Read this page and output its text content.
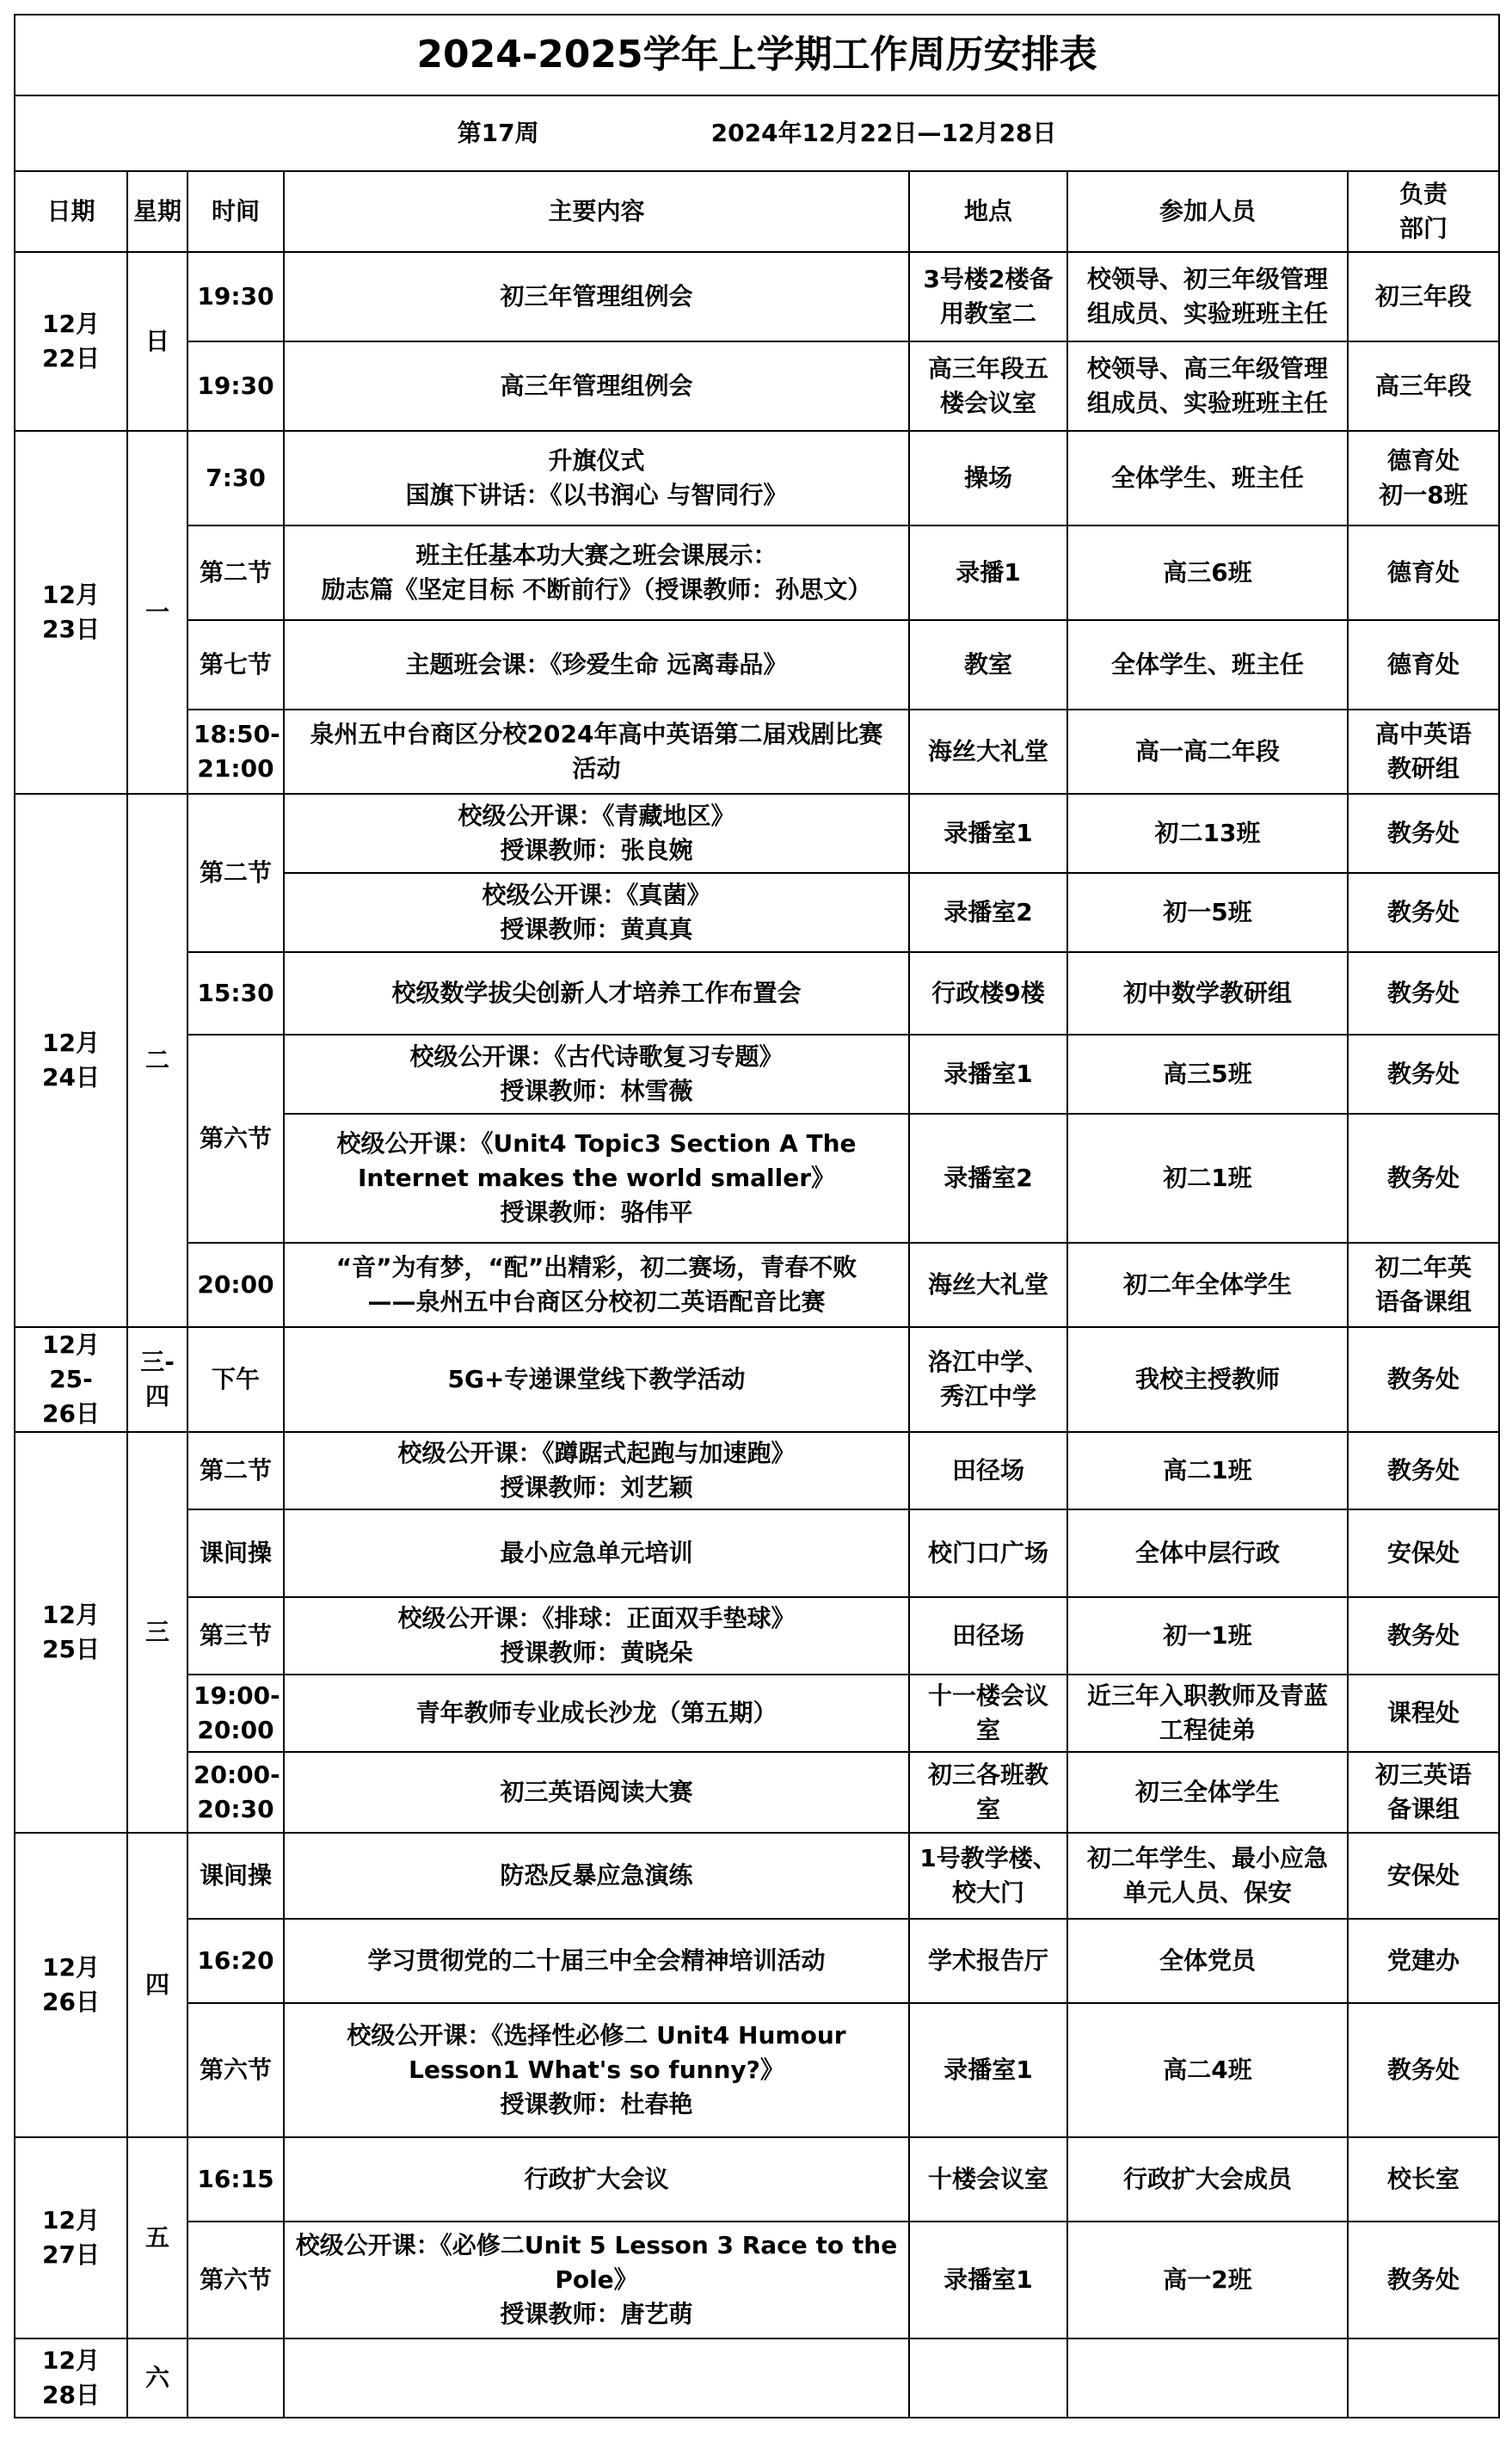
2024-2025学年上学期工作周历安排表						
第17周 2024年12月22日—12月28日						
日期	星期	时间	主要内容	地点	参加人员	负责
部门
12月
22日	日	19:30	初三年管理组例会	3号楼2楼备
用教室二	校领导、初三年级管理
组成员、实验班班主任	初三年段
		19:30	高三年管理组例会	高三年段五
楼会议室	校领导、高三年级管理
组成员、实验班班主任	高三年段
12月
23日	一	7:30	升旗仪式
国旗下讲话：《以书润心 与智同行》	操场	全体学生、班主任	德育处
初一8班
		第二节	班主任基本功大赛之班会课展示：
励志篇《坚定目标 不断前行》（授课教师：孙思文）	录播1	高三6班	德育处
		第七节	主题班会课：《珍爱生命 远离毒品》	教室	全体学生、班主任	德育处
		18:50-
21:00	泉州五中台商区分校2024年高中英语第二届戏剧比赛
活动	海丝大礼堂	高一高二年段	高中英语
教研组
12月
24日	二	第二节	校级公开课：《青藏地区》
授课教师：张良婉	录播室1	初二13班	教务处
			校级公开课：《真菌》
授课教师：黄真真	录播室2	初一5班	教务处
		15:30	校级数学拔尖创新人才培养工作布置会	行政楼9楼	初中数学教研组	教务处
		第六节	校级公开课：《古代诗歌复习专题》
授课教师：林雪薇	录播室1	高三5班	教务处
			校级公开课：《Unit4 Topic3 Section A The
Internet makes the world smaller》
授课教师：骆伟平	录播室2	初二1班	教务处
		20:00	“音”为有梦，“配”出精彩，初二赛场，青春不败
——泉州五中台商区分校初二英语配音比赛	海丝大礼堂	初二年全体学生	初二年英
语备课组
12月25-
26日	三-
四	下午	5G+专递课堂线下教学活动	洛江中学、
秀江中学	我校主授教师	教务处
12月
25日	三	第二节	校级公开课：《蹲踞式起跑与加速跑》
授课教师：刘艺颖	田径场	高二1班	教务处
		课间操	最小应急单元培训	校门口广场	全体中层行政	安保处
		第三节	校级公开课：《排球：正面双手垫球》
授课教师：黄晓朵	田径场	初一1班	教务处
		19:00-
20:00	青年教师专业成长沙龙（第五期）	十一楼会议
室	近三年入职教师及青蓝
工程徒弟	课程处
		20:00-
20:30	初三英语阅读大赛	初三各班教
室	初三全体学生	初三英语
备课组
12月
26日	四	课间操	防恐反暴应急演练	1号教学楼、
校大门	初二年学生、最小应急
单元人员、保安	安保处
		16:20	学习贯彻党的二十届三中全会精神培训活动	学术报告厅	全体党员	党建办
		第六节	校级公开课：《选择性必修二 Unit4 Humour
Lesson1 What's so funny?》
授课教师：杜春艳	录播室1	高二4班	教务处
12月
27日	五	16:15	行政扩大会议	十楼会议室	行政扩大会成员	校长室
		第六节	校级公开课：《必修二Unit 5 Lesson 3 Race to the
Pole》
授课教师：唐艺萌	录播室1	高一2班	教务处
12月
28日	六					
